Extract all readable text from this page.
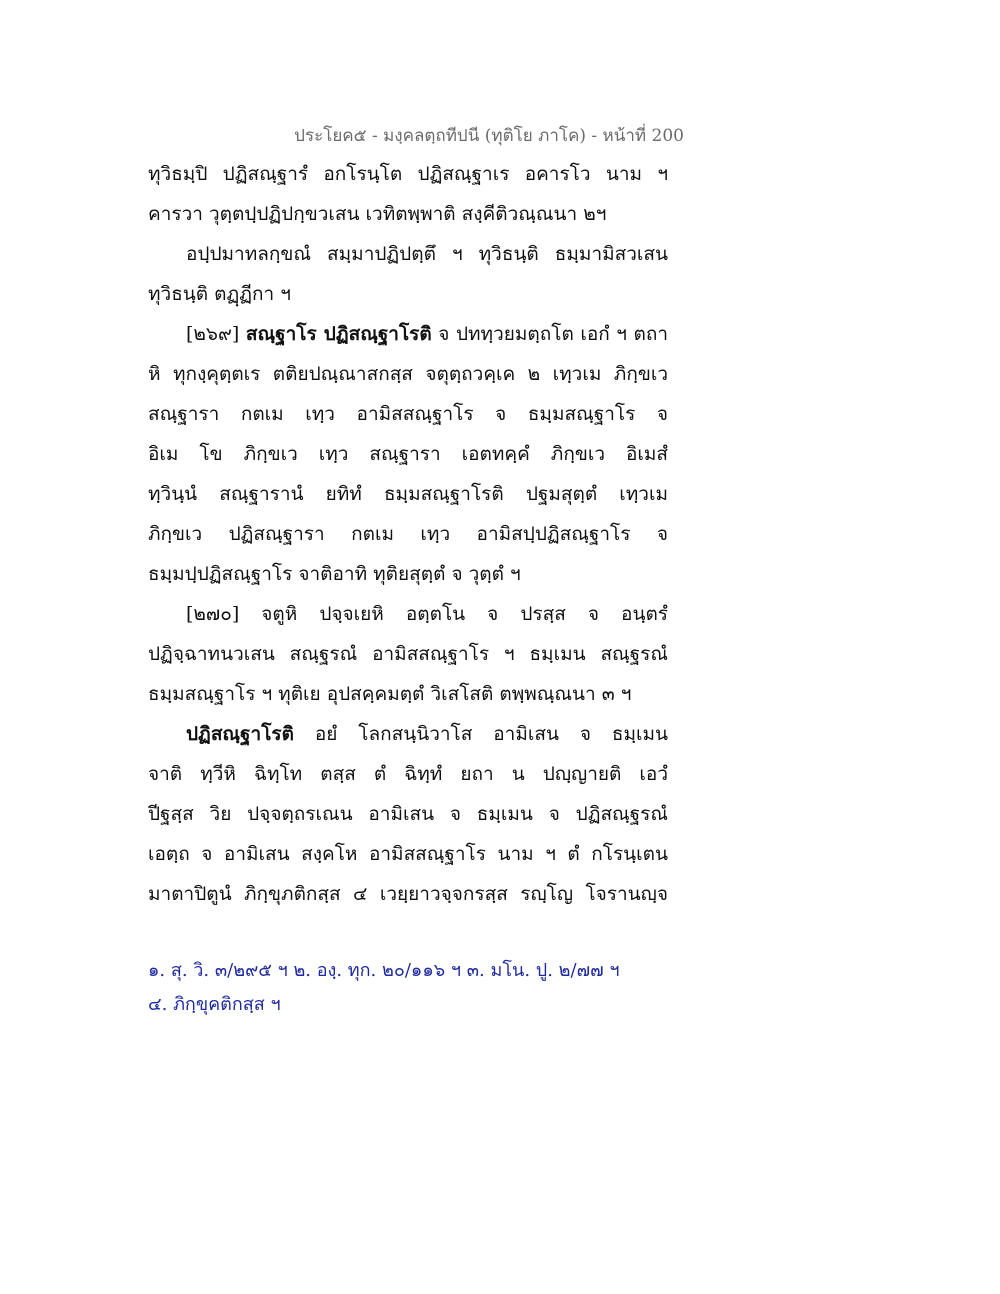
ประโยค๕ - มงฺคลตฺถทีปนี (ทุติโย ภาโค) - หน้าที่ 200
ทุวิธมฺปิ ปฏิสณฺฐารํ อกโรนฺโต ปฏิสณฺฐาเร อคารโว นาม ฯ
คารวา วุตฺตปฺปฏิปกฺขวเสน เวทิตพฺพาติ สงฺคีติวณฺณนา ๒ฯ
อปฺปมาทลกฺขณํ สมฺมาปฏิปตฺตึ ฯ ทุวิธนฺติ ธมฺมามิสวเสน
ทุวิธนฺติ ตฏฺฏีกา ฯ
[๒๖๙] สณฺฐาโร ปฏิสณฺฐาโรติ จ ปททฺวยมตฺถโต เอกํ ฯ ตถา
หิ ทุกงฺคุตฺตเร ตติยปณฺณาสกสฺส จตุตฺถวคฺเค ๒ เทฺวเม ภิกฺขเว
สณฺฐารา กตเม เทฺว อามิสสณฺฐาโร จ ธมฺมสณฺฐาโร จ
อิเม โข ภิกฺขเว เทฺว สณฺฐารา เอตทคฺคํ ภิกฺขเว อิเมสํ
ทฺวินฺนํ สณฺฐารานํ ยทิทํ ธมฺมสณฺฐาโรติ ปฐมสุตฺตํ เทฺวเม
ภิกฺขเว ปฏิสณฺฐารา กตเม เทฺว อามิสปฺปฏิสณฺฐาโร จ
ธมฺมปฺปฏิสณฺฐาโร จาติอาทิ ทุติยสุตฺตํ จ วุตฺตํ ฯ
[๒๗๐] จตูหิ ปจฺจเยหิ อตฺตโน จ ปรสฺส จ อนฺตรํ
ปฏิจฺฉาทนวเสน สณฺฐรณํ อามิสสณฺฐาโร ฯ ธมฺเมน สณฺฐรณํ
ธมฺมสณฺฐาโร ฯ ทุติเย อุปสคฺคมตฺตํ วิเสโสติ ตพฺพณฺณนา ๓ ฯ
ปฏิสณฺฐาโรติ อยํ โลกสนฺนิวาโส อามิเสน จ ธมฺเมน
จาติ ทฺวีหิ ฉิทฺโท ตสฺส ตํ ฉิทฺทํ ยถา น ปญฺญายติ เอวํ
ปีฐสฺส วิย ปจฺจตฺถรเณน อามิเสน จ ธมฺเมน จ ปฏิสณฺฐรณํ
เอตฺถ จ อามิเสน สงฺคโห อามิสสณฺฐาโร นาม ฯ ตํ กโรนฺเตน
มาตาปิตูนํ ภิกฺขุภติกสฺส ๔ เวยฺยาวจฺจกรสฺส รญฺโญ โจรานญฺจ
๑. สุ. วิ. ๓/๒๙๕ ฯ ๒. องฺ. ทุก. ๒๐/๑๑๖ ฯ ๓. มโน. ปู. ๒/๗๗ ฯ
๔. ภิกฺขุคติกสฺส ฯ
